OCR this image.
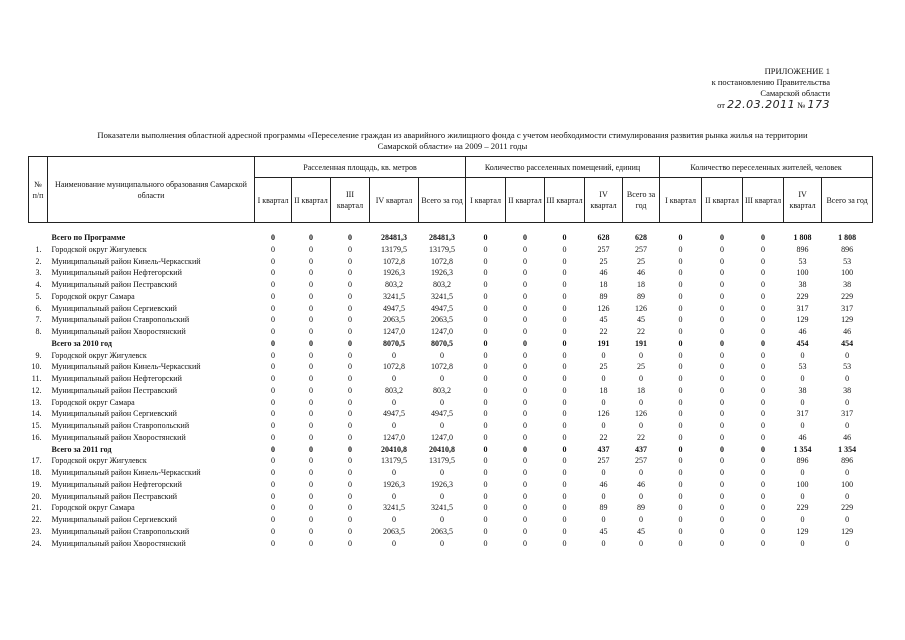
ПРИЛОЖЕНИЕ 1
к постановлению Правительства
Самарской области
от 22.03.2011 № 173
Показатели выполнения областной адресной программы «Переселение граждан из аварийного жилищного фонда с учетом необходимости стимулирования развития рынка жилья на территории
Самарской области» на 2009 – 2011 годы
№ п/п	Наименование муниципального образования Самарской области	Расселенная площадь, кв. метров					Количество расселенных помещений, единиц					Количество переселенных жителей, человек				
		I квартал	II квартал	III квартал	IV квартал	Всего за год	I квартал	II квартал	III квартал	IV квартал	Всего за год	I квартал	II квартал	III квартал	IV квартал	Всего за год

	Всего по Программе	0	0	0	28481,3	28481,3	0	0	0	628	628	0	0	0	1 808	1 808
1.	Городской округ Жигулевск	0	0	0	13179,5	13179,5	0	0	0	257	257	0	0	0	896	896
2.	Муниципальный район Кинель-Черкасский	0	0	0	1072,8	1072,8	0	0	0	25	25	0	0	0	53	53
3.	Муниципальный район Нефтегорский	0	0	0	1926,3	1926,3	0	0	0	46	46	0	0	0	100	100
4.	Муниципальный район Пестравский	0	0	0	803,2	803,2	0	0	0	18	18	0	0	0	38	38
5.	Городской округ Самара	0	0	0	3241,5	3241,5	0	0	0	89	89	0	0	0	229	229
6.	Муниципальный район Сергиевский	0	0	0	4947,5	4947,5	0	0	0	126	126	0	0	0	317	317
7.	Муниципальный район Ставропольский	0	0	0	2063,5	2063,5	0	0	0	45	45	0	0	0	129	129
8.	Муниципальный район Хворостянский	0	0	0	1247,0	1247,0	0	0	0	22	22	0	0	0	46	46
	Всего за 2010 год	0	0	0	8070,5	8070,5	0	0	0	191	191	0	0	0	454	454
9.	Городской округ Жигулевск	0	0	0	0	0	0	0	0	0	0	0	0	0	0	0
10.	Муниципальный район Кинель-Черкасский	0	0	0	1072,8	1072,8	0	0	0	25	25	0	0	0	53	53
11.	Муниципальный район Нефтегорский	0	0	0	0	0	0	0	0	0	0	0	0	0	0	0
12.	Муниципальный район Пестравский	0	0	0	803,2	803,2	0	0	0	18	18	0	0	0	38	38
13.	Городской округ Самара	0	0	0	0	0	0	0	0	0	0	0	0	0	0	0
14.	Муниципальный район Сергиевский	0	0	0	4947,5	4947,5	0	0	0	126	126	0	0	0	317	317
15.	Муниципальный район Ставропольский	0	0	0	0	0	0	0	0	0	0	0	0	0	0	0
16.	Муниципальный район Хворостянский	0	0	0	1247,0	1247,0	0	0	0	22	22	0	0	0	46	46
	Всего за 2011 год	0	0	0	20410,8	20410,8	0	0	0	437	437	0	0	0	1 354	1 354
17.	Городской округ Жигулевск	0	0	0	13179,5	13179,5	0	0	0	257	257	0	0	0	896	896
18.	Муниципальный район Кинель-Черкасский	0	0	0	0	0	0	0	0	0	0	0	0	0	0	0
19.	Муниципальный район Нефтегорский	0	0	0	1926,3	1926,3	0	0	0	46	46	0	0	0	100	100
20.	Муниципальный район Пестравский	0	0	0	0	0	0	0	0	0	0	0	0	0	0	0
21.	Городской округ Самара	0	0	0	3241,5	3241,5	0	0	0	89	89	0	0	0	229	229
22.	Муниципальный район Сергиевский	0	0	0	0	0	0	0	0	0	0	0	0	0	0	0
23.	Муниципальный район Ставропольский	0	0	0	2063,5	2063,5	0	0	0	45	45	0	0	0	129	129
24.	Муниципальный район Хворостянский	0	0	0	0	0	0	0	0	0	0	0	0	0	0	0
